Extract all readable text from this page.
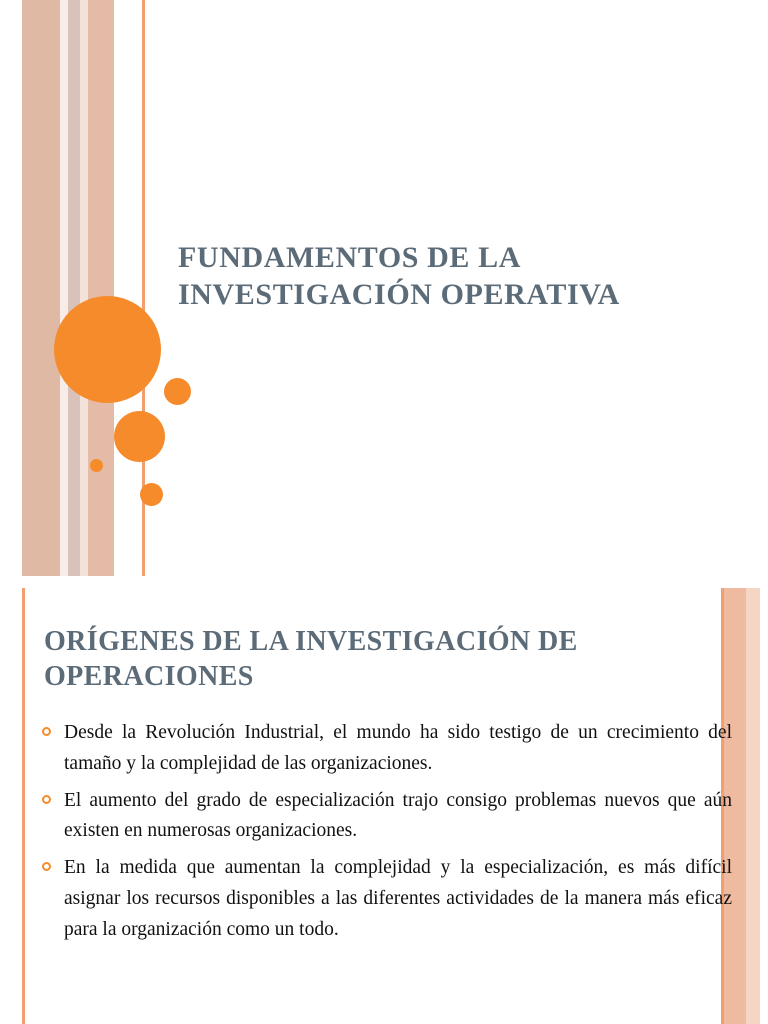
FUNDAMENTOS DE LA INVESTIGACIÓN OPERATIVA
ORÍGENES DE LA INVESTIGACIÓN DE OPERACIONES
Desde la Revolución Industrial, el mundo ha sido testigo de un crecimiento del tamaño y la complejidad de las organizaciones.
El aumento del grado de especialización trajo consigo problemas nuevos que aún existen en numerosas organizaciones.
En la medida que aumentan la complejidad y la especialización, es más difícil asignar los recursos disponibles a las diferentes actividades de la manera más eficaz para la organización como un todo.
